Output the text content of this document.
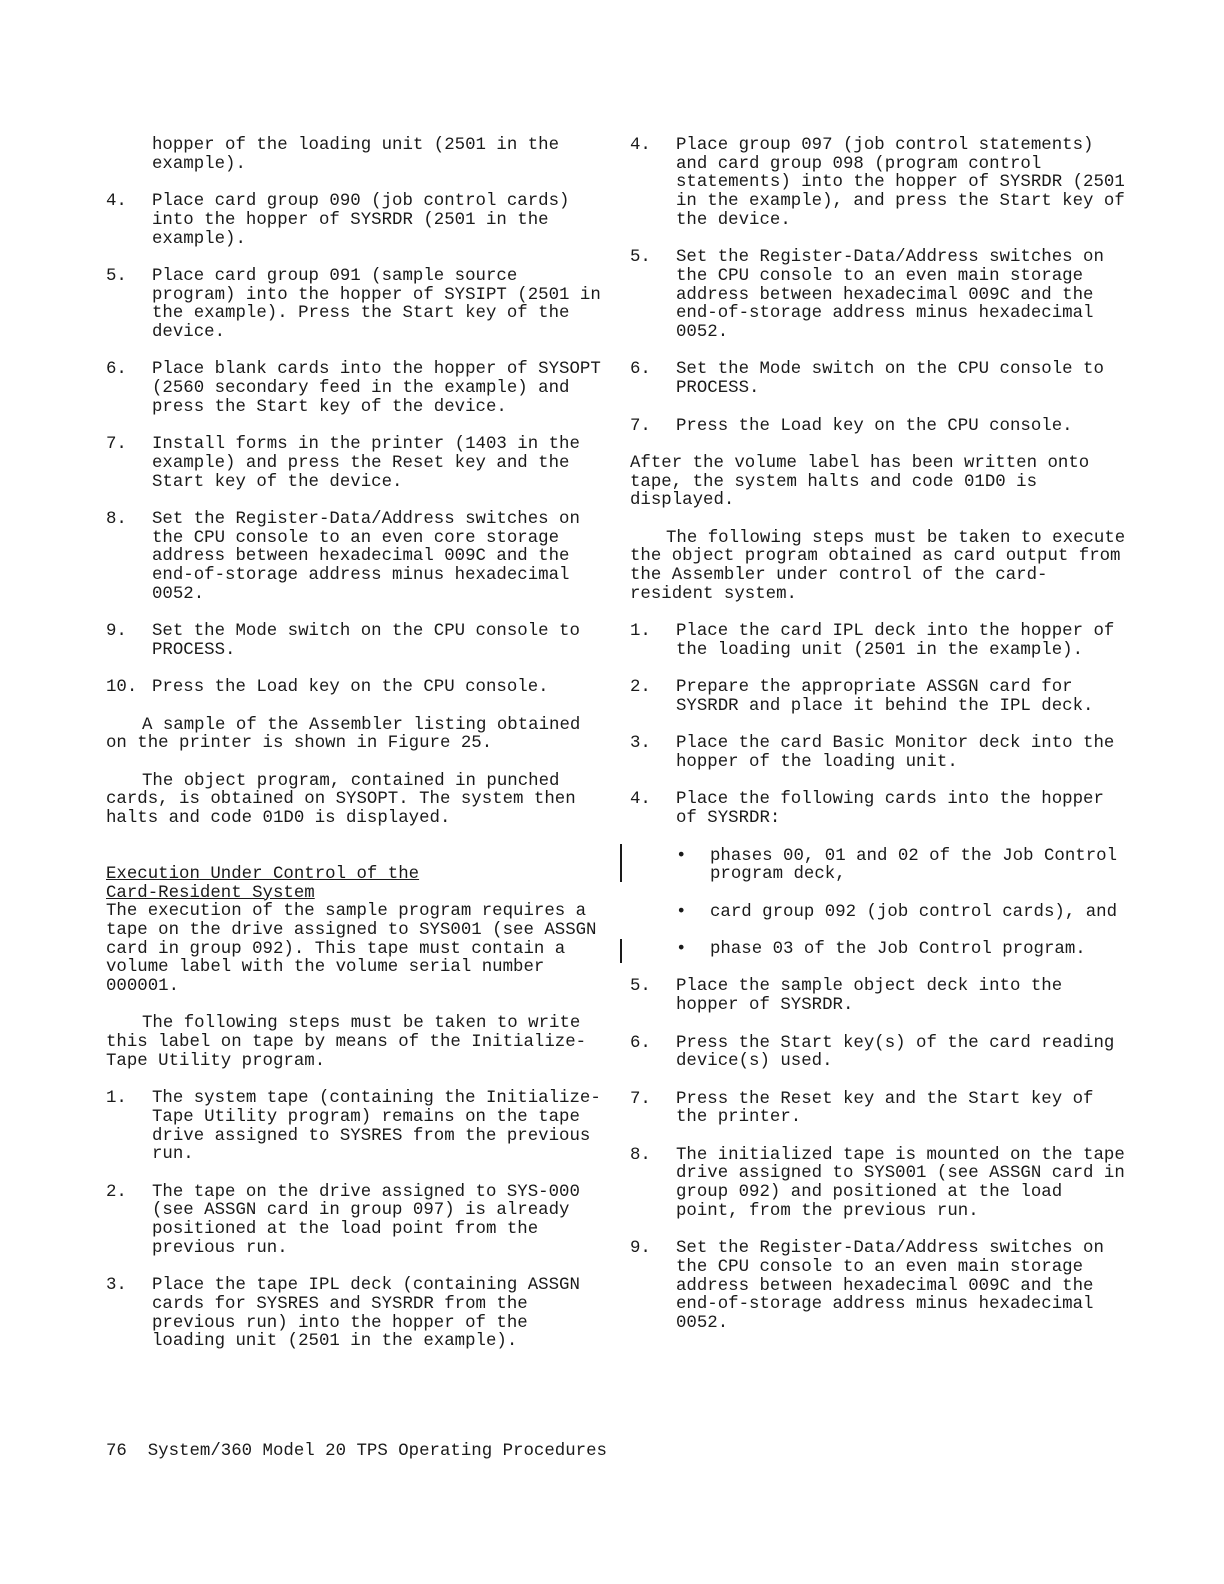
hopper of the loading unit (2501 in the example).
4. Place card group 090 (job control cards) into the hopper of SYSRDR (2501 in the example).
5. Place card group 091 (sample source program) into the hopper of SYSIPT (2501 in the example). Press the Start key of the device.
6. Place blank cards into the hopper of SYSOPT (2560 secondary feed in the example) and press the Start key of the device.
7. Install forms in the printer (1403 in the example) and press the Reset key and the Start key of the device.
8. Set the Register-Data/Address switches on the CPU console to an even core storage address between hexadecimal 009C and the end-of-storage address minus hexadecimal 0052.
9. Set the Mode switch on the CPU console to PROCESS.
10. Press the Load key on the CPU console.
A sample of the Assembler listing obtained on the printer is shown in Figure 25.
The object program, contained in punched cards, is obtained on SYSOPT. The system then halts and code 01D0 is displayed.
Execution Under Control of the Card-Resident System
The execution of the sample program requires a tape on the drive assigned to SYS001 (see ASSGN card in group 092). This tape must contain a volume label with the volume serial number 000001.
The following steps must be taken to write this label on tape by means of the Initialize-Tape Utility program.
1. The system tape (containing the Initialize-Tape Utility program) remains on the tape drive assigned to SYSRES from the previous run.
2. The tape on the drive assigned to SYS-000 (see ASSGN card in group 097) is already positioned at the load point from the previous run.
3. Place the tape IPL deck (containing ASSGN cards for SYSRES and SYSRDR from the previous run) into the hopper of the loading unit (2501 in the example).
4. Place group 097 (job control statements) and card group 098 (program control statements) into the hopper of SYSRDR (2501 in the example), and press the Start key of the device.
5. Set the Register-Data/Address switches on the CPU console to an even main storage address between hexadecimal 009C and the end-of-storage address minus hexadecimal 0052.
6. Set the Mode switch on the CPU console to PROCESS.
7. Press the Load key on the CPU console.
After the volume label has been written onto tape, the system halts and code 01D0 is displayed.
The following steps must be taken to execute the object program obtained as card output from the Assembler under control of the card-resident system.
1. Place the card IPL deck into the hopper of the loading unit (2501 in the example).
2. Prepare the appropriate ASSGN card for SYSRDR and place it behind the IPL deck.
3. Place the card Basic Monitor deck into the hopper of the loading unit.
4. Place the following cards into the hopper of SYSRDR:
• phases 00, 01 and 02 of the Job Control program deck,
• card group 092 (job control cards), and
• phase 03 of the Job Control program.
5. Place the sample object deck into the hopper of SYSRDR.
6. Press the Start key(s) of the card reading device(s) used.
7. Press the Reset key and the Start key of the printer.
8. The initialized tape is mounted on the tape drive assigned to SYS001 (see ASSGN card in group 092) and positioned at the load point, from the previous run.
9. Set the Register-Data/Address switches on the CPU console to an even main storage address between hexadecimal 009C and the end-of-storage address minus hexadecimal 0052.
76 System/360 Model 20 TPS Operating Procedures
